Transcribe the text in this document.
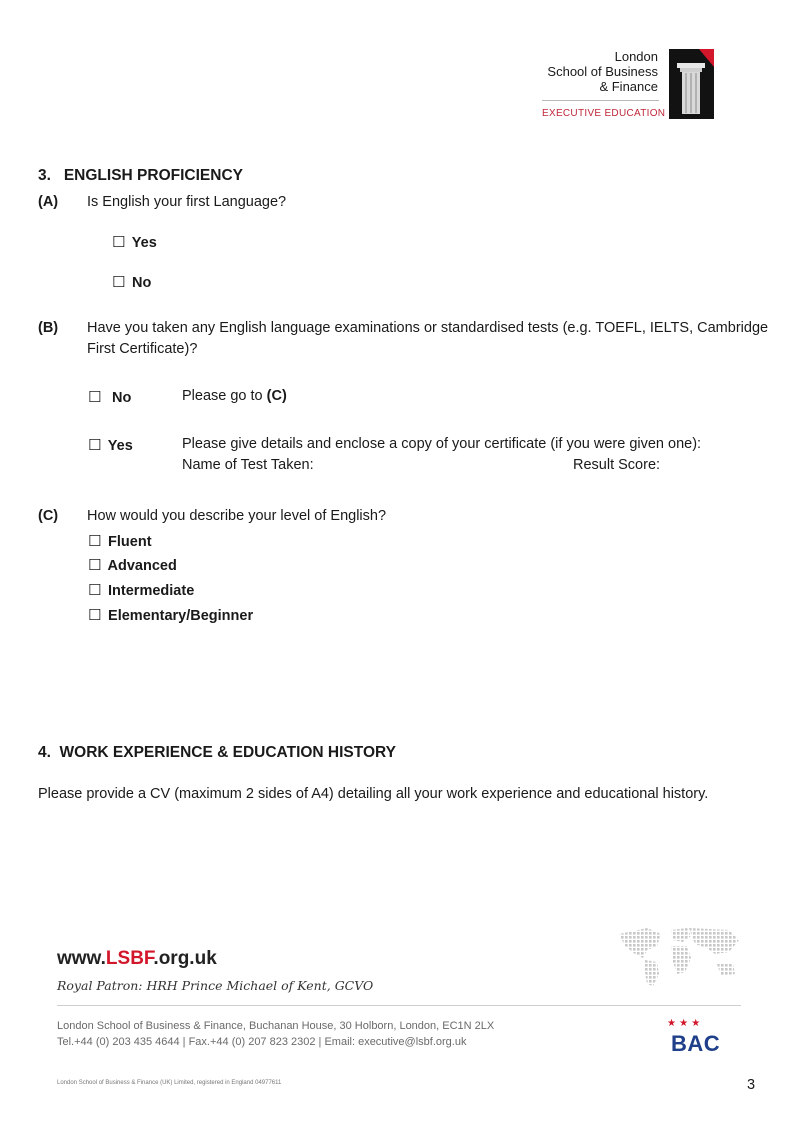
London
School of Business
& Finance
EXECUTIVE EDUCATION
3.   ENGLISH PROFICIENCY
(A) Is English your first Language?
☐ Yes
☐ No
(B) Have you taken any English language examinations or standardised tests (e.g. TOEFL, IELTS, Cambridge
First Certificate)?
☐ No	Please go to (C)
☐ Yes	Please give details and enclose a copy of your certificate (if you were given one):
Name of Test Taken:	Result Score:
(C) How would you describe your level of English?
☐ Fluent
☐ Advanced
☐ Intermediate
☐ Elementary/Beginner
4.  WORK EXPERIENCE & EDUCATION HISTORY
Please provide a CV (maximum 2 sides of A4) detailing all your work experience and educational history.
www.LSBF.org.uk
Royal Patron: HRH Prince Michael of Kent, GCVO
London School of Business & Finance, Buchanan House, 30 Holborn, London, EC1N 2LX
Tel.+44 (0) 203 435 4644 | Fax.+44 (0) 207 823 2302 | Email: executive@lsbf.org.uk
★ ★ ★
BAC
London School of Business & Finance (UK) Limited, registered in England 04977611	3
